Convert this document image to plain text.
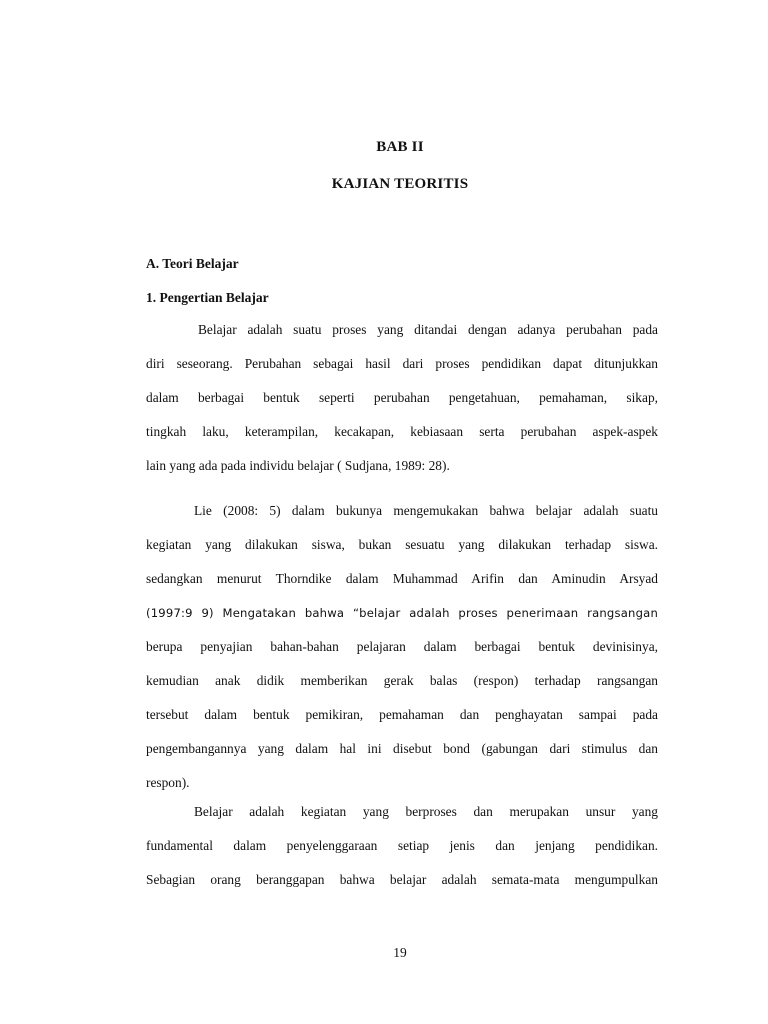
BAB II
KAJIAN TEORITIS
A. Teori Belajar
1. Pengertian Belajar
Belajar adalah suatu proses yang ditandai dengan adanya perubahan pada
diri seseorang. Perubahan sebagai hasil dari proses pendidikan dapat ditunjukkan
dalam berbagai bentuk seperti perubahan pengetahuan, pemahaman, sikap,
tingkah laku, keterampilan, kecakapan, kebiasaan serta perubahan aspek-aspek
lain yang ada pada individu belajar ( Sudjana, 1989: 28).
Lie (2008: 5) dalam bukunya mengemukakan bahwa belajar adalah suatu
kegiatan yang dilakukan siswa, bukan sesuatu yang dilakukan terhadap siswa.
sedangkan menurut Thorndike dalam Muhammad Arifin dan Aminudin Arsyad
(1997:9 9) Mengatakan bahwa “belajar adalah proses penerimaan rangsangan
berupa penyajian bahan-bahan pelajaran dalam berbagai bentuk devinisinya,
kemudian anak didik memberikan gerak balas (respon) terhadap rangsangan
tersebut dalam bentuk pemikiran, pemahaman dan penghayatan sampai pada
pengembangannya yang dalam hal ini disebut bond (gabungan dari stimulus dan
respon).
Belajar adalah kegiatan yang berproses dan merupakan unsur yang
fundamental dalam penyelenggaraan setiap jenis dan jenjang pendidikan.
Sebagian orang beranggapan bahwa belajar adalah semata-mata mengumpulkan
19
